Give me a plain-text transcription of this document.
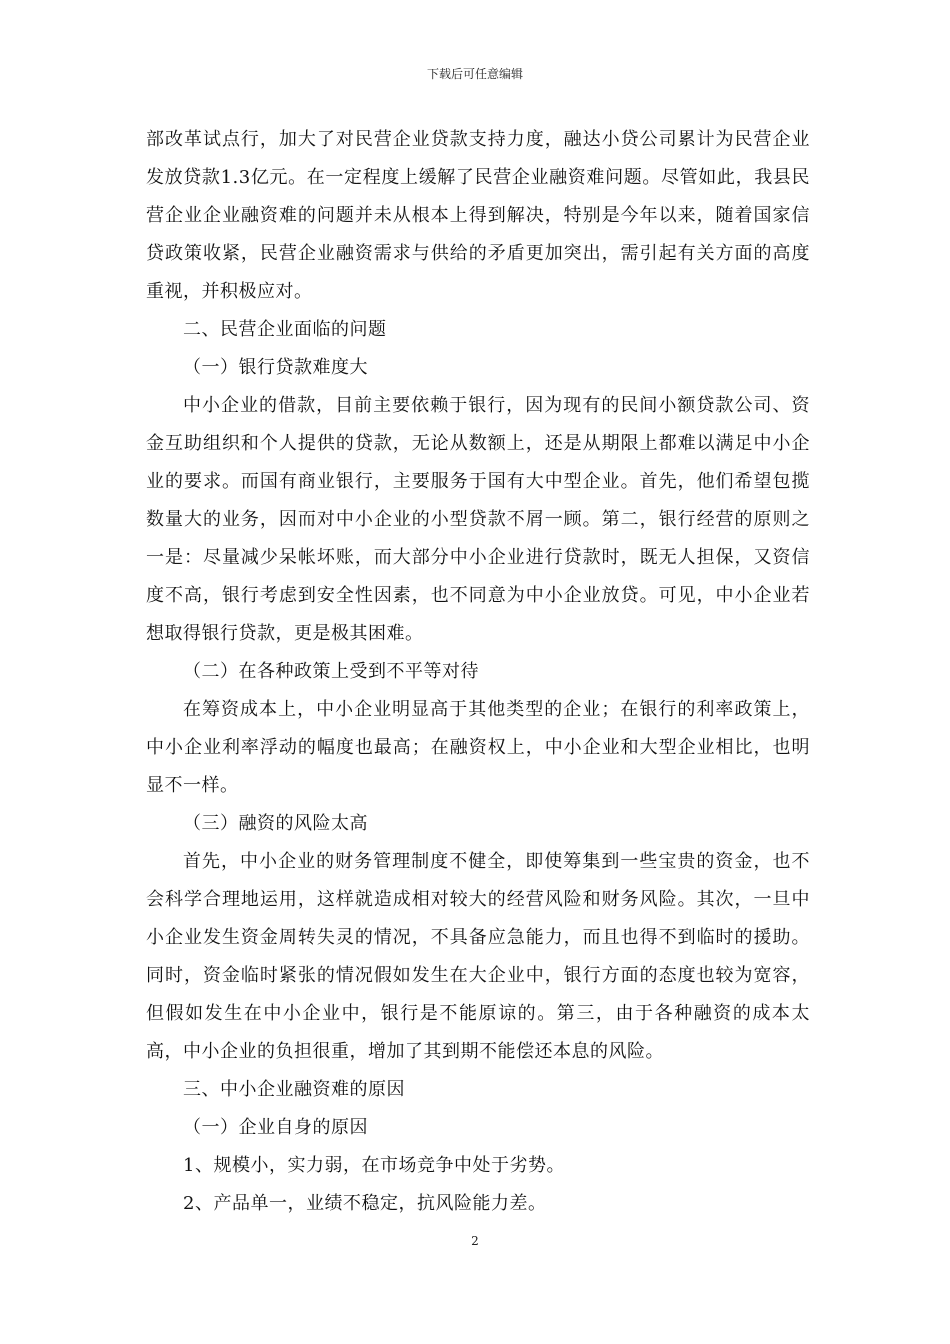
下载后可任意编辑

部改革试点行，加大了对民营企业贷款支持力度，融达小贷公司累计为民营企业发放贷款1.3亿元。在一定程度上缓解了民营企业融资难问题。尽管如此，我县民营企业企业融资难的问题并未从根本上得到解决，特别是今年以来，随着国家信贷政策收紧，民营企业融资需求与供给的矛盾更加突出，需引起有关方面的高度重视，并积极应对。

二、民营企业面临的问题

（一）银行贷款难度大

中小企业的借款，目前主要依赖于银行，因为现有的民间小额贷款公司、资金互助组织和个人提供的贷款，无论从数额上，还是从期限上都难以满足中小企业的要求。而国有商业银行，主要服务于国有大中型企业。首先，他们希望包揽数量大的业务，因而对中小企业的小型贷款不屑一顾。第二，银行经营的原则之一是：尽量减少呆帐坏账，而大部分中小企业进行贷款时，既无人担保，又资信度不高，银行考虑到安全性因素，也不同意为中小企业放贷。可见，中小企业若想取得银行贷款，更是极其困难。

（二）在各种政策上受到不平等对待

在筹资成本上，中小企业明显高于其他类型的企业；在银行的利率政策上，中小企业利率浮动的幅度也最高；在融资权上，中小企业和大型企业相比，也明显不一样。

（三）融资的风险太高

首先，中小企业的财务管理制度不健全，即使筹集到一些宝贵的资金，也不会科学合理地运用，这样就造成相对较大的经营风险和财务风险。其次，一旦中小企业发生资金周转失灵的情况，不具备应急能力，而且也得不到临时的援助。同时，资金临时紧张的情况假如发生在大企业中，银行方面的态度也较为宽容，但假如发生在中小企业中，银行是不能原谅的。第三，由于各种融资的成本太高，中小企业的负担很重，增加了其到期不能偿还本息的风险。

三、中小企业融资难的原因

（一）企业自身的原因

1、规模小，实力弱，在市场竞争中处于劣势。

2、产品单一，业绩不稳定，抗风险能力差。

2
